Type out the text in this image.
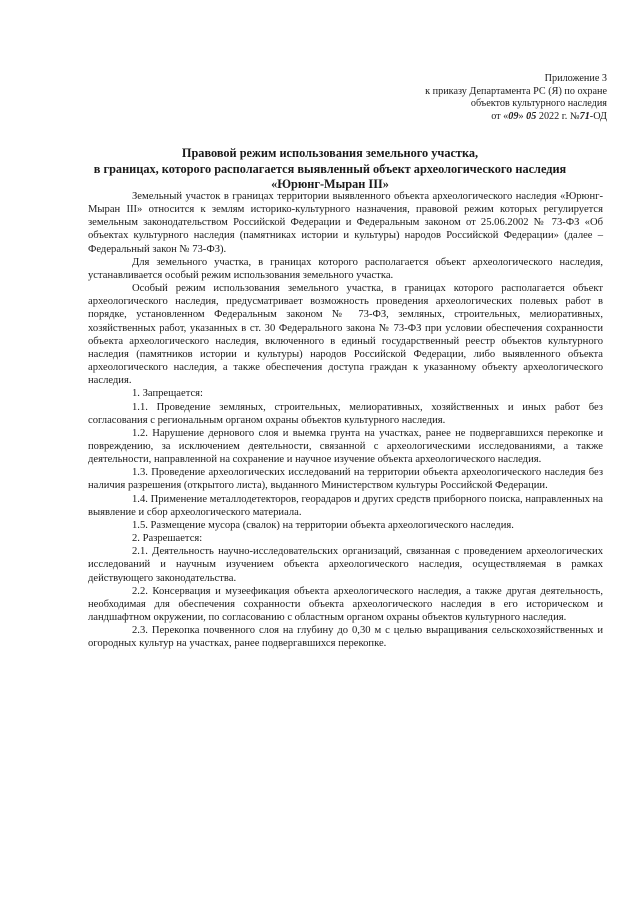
Приложение 3
к приказу Департамента РС (Я) по охране
объектов культурного наследия
от «09» 05 2022 г. №71-ОД
Правовой режим использования земельного участка,
в границах, которого располагается выявленный объект археологического наследия
«Юрюнг-Мыран III»

Земельный участок в границах территории выявленного объекта археологического наследия «Юрюнг-Мыран III» относится к землям историко-культурного назначения, правовой режим которых регулируется земельным законодательством Российской Федерации и Федеральным законом от 25.06.2002 № 73-ФЗ «Об объектах культурного наследия (памятниках истории и культуры) народов Российской Федерации» (далее – Федеральный закон № 73-ФЗ).

Для земельного участка, в границах которого располагается объект археологического наследия, устанавливается особый режим использования земельного участка.

Особый режим использования земельного участка, в границах которого располагается объект археологического наследия, предусматривает возможность проведения археологических полевых работ в порядке, установленном Федеральным законом № 73-ФЗ, земляных, строительных, мелиоративных, хозяйственных работ, указанных в ст. 30 Федерального закона № 73-ФЗ при условии обеспечения сохранности объекта археологического наследия, включенного в единый государственный реестр объектов культурного наследия (памятников истории и культуры) народов Российской Федерации, либо выявленного объекта археологического наследия, а также обеспечения доступа граждан к указанному объекту археологического наследия.

1. Запрещается:

1.1. Проведение земляных, строительных, мелиоративных, хозяйственных и иных работ без согласования с региональным органом охраны объектов культурного наследия.

1.2. Нарушение дернового слоя и выемка грунта на участках, ранее не подвергавшихся перекопке и повреждению, за исключением деятельности, связанной с археологическими исследованиями, а также деятельности, направленной на сохранение и научное изучение объекта археологического наследия.

1.3. Проведение археологических исследований на территории объекта археологического наследия без наличия разрешения (открытого листа), выданного Министерством культуры Российской Федерации.

1.4. Применение металлодетекторов, георадаров и других средств приборного поиска, направленных на выявление и сбор археологического материала.

1.5. Размещение мусора (свалок) на территории объекта археологического наследия.

2. Разрешается:

2.1. Деятельность научно-исследовательских организаций, связанная с проведением археологических исследований и научным изучением объекта археологического наследия, осуществляемая в рамках действующего законодательства.

2.2. Консервация и музеефикация объекта археологического наследия, а также другая деятельность, необходимая для обеспечения сохранности объекта археологического наследия в его историческом и ландшафтном окружении, по согласованию с областным органом охраны объектов культурного наследия.

2.3. Перекопка почвенного слоя на глубину до 0,30 м с целью выращивания сельскохозяйственных и огородных культур на участках, ранее подвергавшихся перекопке.
